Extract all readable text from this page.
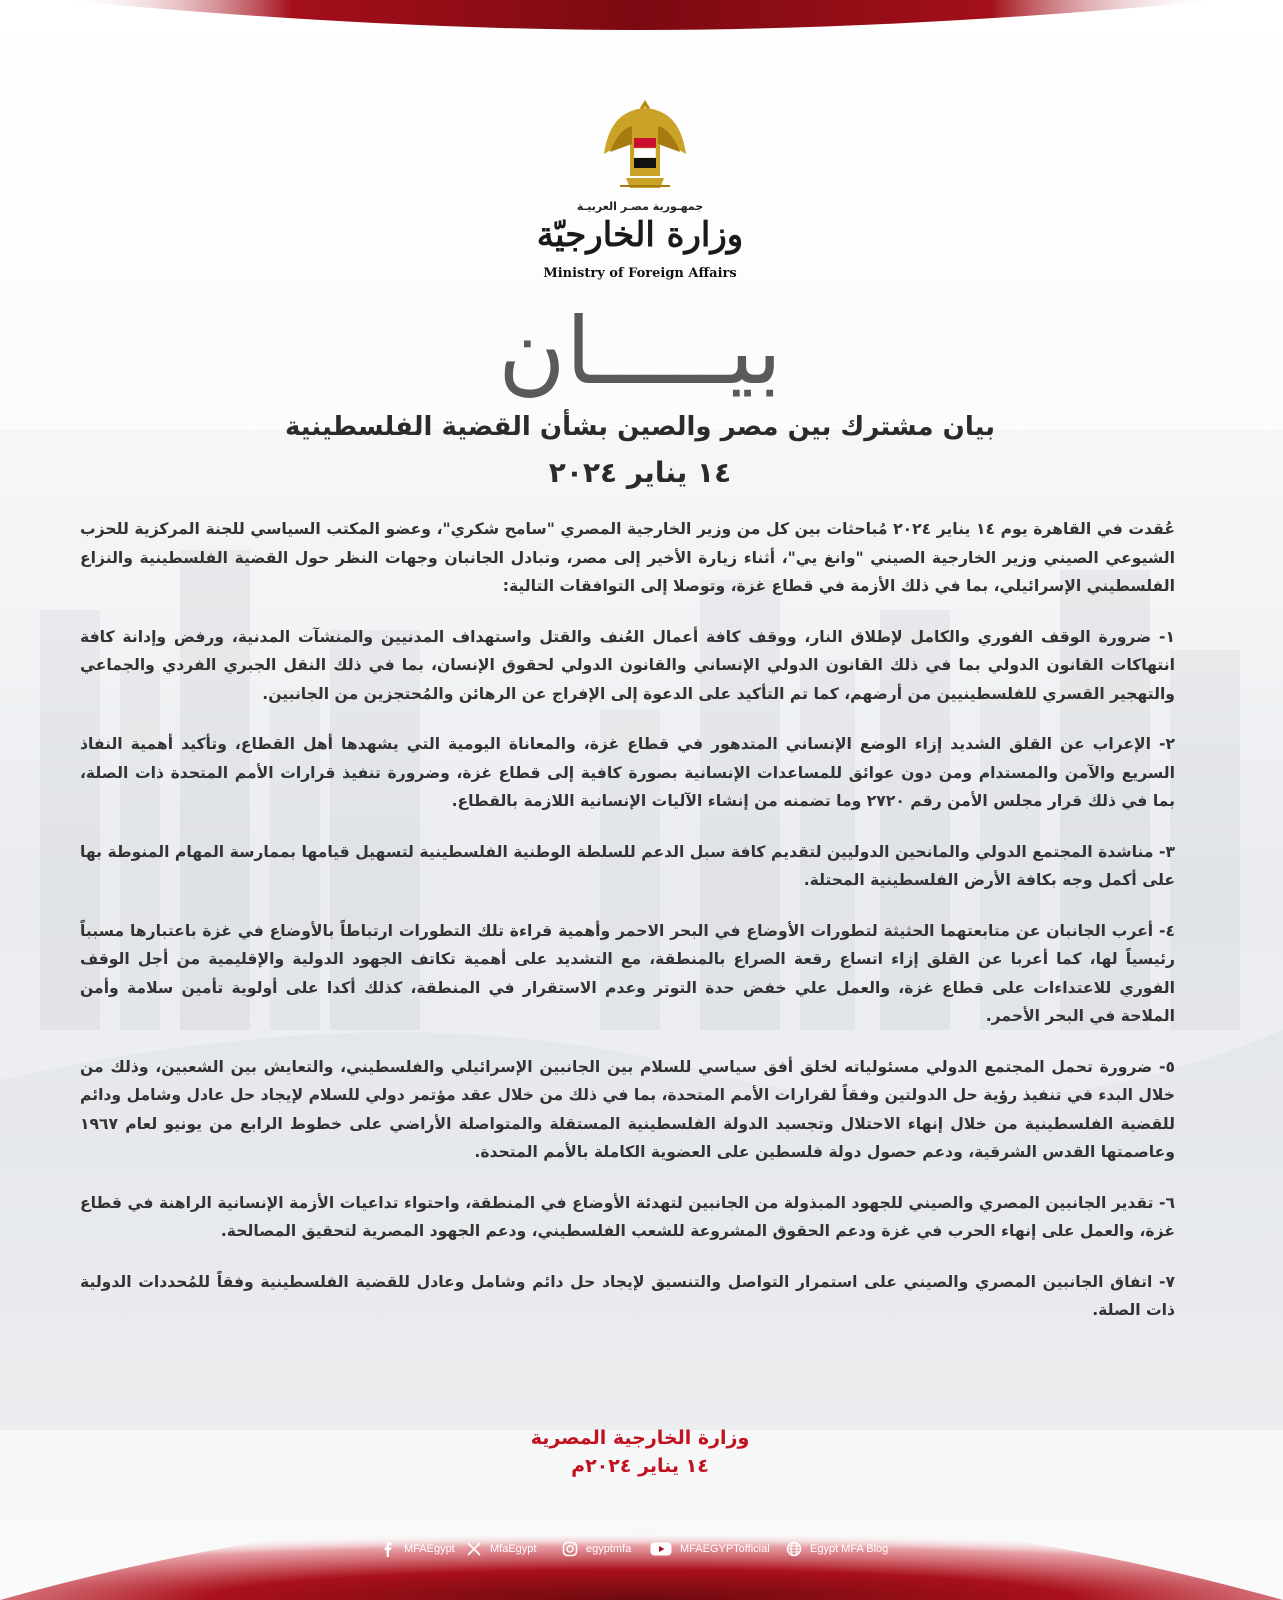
جمهـورية مصـر العربيـة
وزارة الخارجيّة
Ministry of Foreign Affairs
بيـــــان
بيان مشترك بين مصر والصين بشأن القضية الفلسطينية
١٤ يناير ٢٠٢٤

عُقدت في القاهرة يوم ١٤ يناير ٢٠٢٤ مُباحثات بين كل من وزير الخارجية المصري "سامح شكري"، وعضو المكتب السياسي للجنة المركزية للحزب الشيوعي الصيني وزير الخارجية الصيني "وانغ يي"، أثناء زيارة الأخير إلى مصر، وتبادل الجانبان وجهات النظر حول القضية الفلسطينية والنزاع الفلسطيني الإسرائيلي، بما في ذلك الأزمة في قطاع غزة، وتوصلا إلى التوافقات التالية:

١- ضرورة الوقف الفوري والكامل لإطلاق النار، ووقف كافة أعمال العُنف والقتل واستهداف المدنيين والمنشآت المدنية، ورفض وإدانة كافة انتهاكات القانون الدولي بما في ذلك القانون الدولي الإنساني والقانون الدولي لحقوق الإنسان، بما في ذلك النقل الجبري الفردي والجماعي والتهجير القسري للفلسطينيين من أرضهم، كما تم التأكيد على الدعوة إلى الإفراج عن الرهائن والمُحتجزين من الجانبين.

٢- الإعراب عن القلق الشديد إزاء الوضع الإنساني المتدهور في قطاع غزة، والمعاناة اليومية التي يشهدها أهل القطاع، وتأكيد أهمية النفاذ السريع والآمن والمستدام ومن دون عوائق للمساعدات الإنسانية بصورة كافية إلى قطاع غزة، وضرورة تنفيذ قرارات الأمم المتحدة ذات الصلة، بما في ذلك قرار مجلس الأمن رقم ٢٧٢٠ وما تضمنه من إنشاء الآليات الإنسانية اللازمة بالقطاع.

٣- مناشدة المجتمع الدولي والمانحين الدوليين لتقديم كافة سبل الدعم للسلطة الوطنية الفلسطينية لتسهيل قيامها بممارسة المهام المنوطة بها على أكمل وجه بكافة الأرض الفلسطينية المحتلة.

٤- أعرب الجانبان عن متابعتهما الحثيثة لتطورات الأوضاع في البحر الاحمر وأهمية قراءة تلك التطورات ارتباطاً بالأوضاع في غزة باعتبارها مسبباً رئيسياً لها، كما أعربا عن القلق إزاء اتساع رقعة الصراع بالمنطقة، مع التشديد على أهمية تكاتف الجهود الدولية والإقليمية من أجل الوقف الفوري للاعتداءات على قطاع غزة، والعمل علي خفض حدة التوتر وعدم الاستقرار في المنطقة، كذلك أكدا على أولوية تأمين سلامة وأمن الملاحة في البحر الأحمر.

٥- ضرورة تحمل المجتمع الدولي مسئولياته لخلق أفق سياسي للسلام بين الجانبين الإسرائيلي والفلسطيني، والتعايش بين الشعبين، وذلك من خلال البدء في تنفيذ رؤية حل الدولتين وفقاً لقرارات الأمم المتحدة، بما في ذلك من خلال عقد مؤتمر دولي للسلام لإيجاد حل عادل وشامل ودائم للقضية الفلسطينية من خلال إنهاء الاحتلال وتجسيد الدولة الفلسطينية المستقلة والمتواصلة الأراضي على خطوط الرابع من يونيو لعام ١٩٦٧ وعاصمتها القدس الشرقية، ودعم حصول دولة فلسطين على العضوية الكاملة بالأمم المتحدة.

٦- تقدير الجانبين المصري والصيني للجهود المبذولة من الجانبين لتهدئة الأوضاع في المنطقة، واحتواء تداعيات الأزمة الإنسانية الراهنة في قطاع غزة، والعمل على إنهاء الحرب في غزة ودعم الحقوق المشروعة للشعب الفلسطيني، ودعم الجهود المصرية لتحقيق المصالحة.

٧- اتفاق الجانبين المصري والصيني على استمرار التواصل والتنسيق لإيجاد حل دائم وشامل وعادل للقضية الفلسطينية وفقاً للمُحددات الدولية ذات الصلة.

وزارة الخارجية المصرية
١٤ يناير ٢٠٢٤م
MFAEgypt	MfaEgypt	egyptmfa	MFAEGYPTofficial	Egypt MFA Blog
